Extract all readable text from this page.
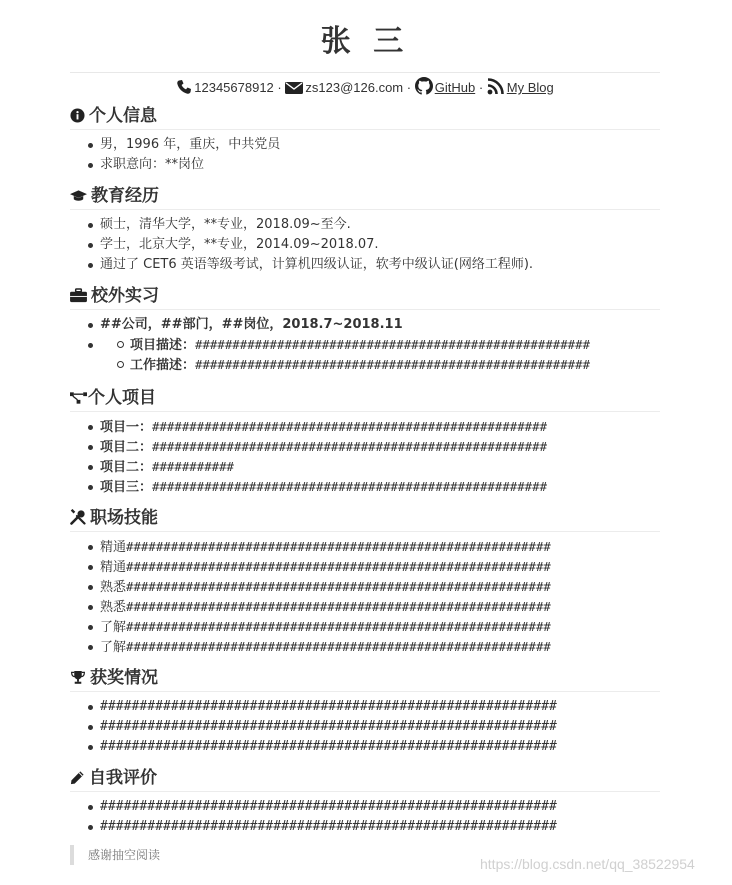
张 三
12345678912 · zs123@126.com · GitHub · My Blog
个人信息
男，1996 年，重庆，中共党员
求职意向：**岗位
教育经历
硕士，清华大学，**专业，2018.09~至今.
学士，北京大学，**专业，2014.09~2018.07.
通过了 CET6 英语等级考试，计算机四级认证，软考中级认证(网络工程师).
校外实习
##公司，##部门，##岗位，2018.7~2018.11
项目描述：#####################################################
工作描述：#####################################################
个人项目
项目一：#####################################################
项目二：#####################################################
项目二：###########
项目三：#####################################################
职场技能
精通#########################################################
精通#########################################################
熟悉#########################################################
熟悉#########################################################
了解#########################################################
了解#########################################################
获奖情况
##########################################################
##########################################################
##########################################################
自我评价
##########################################################
##########################################################
感谢抽空阅读
https://blog.csdn.net/qq_38522954
